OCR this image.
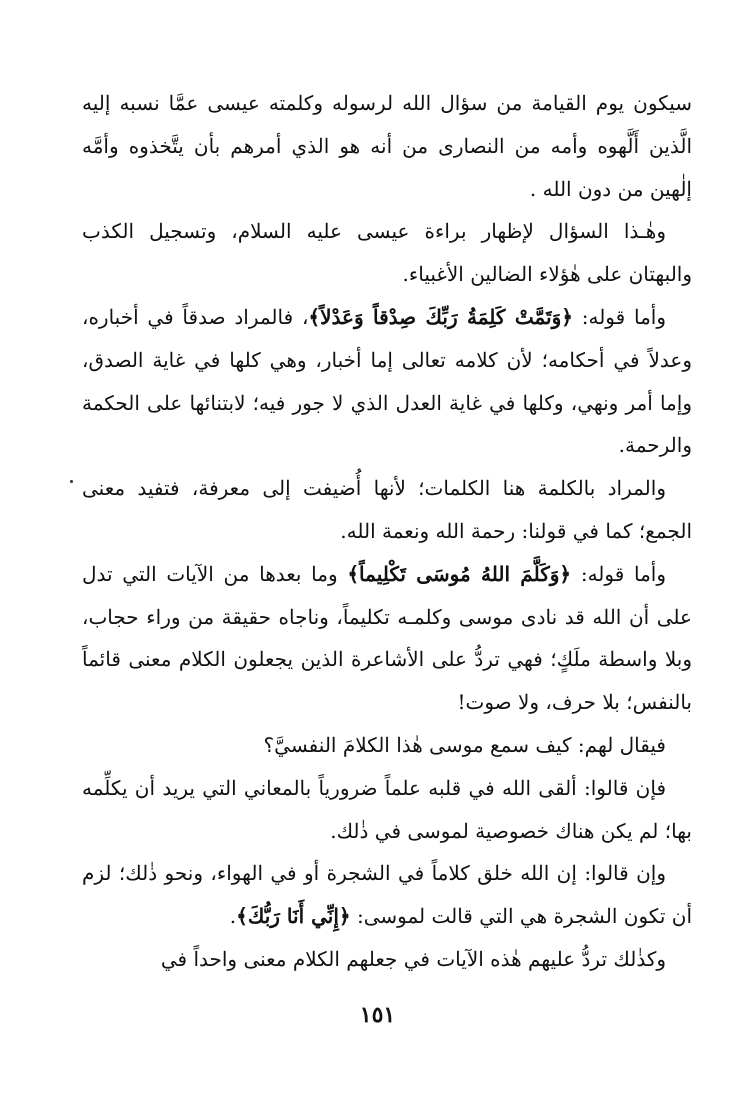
سيكون يوم القيامة من سؤال الله لرسوله وكلمته عيسى عمَّا نسبه إليه الَّذين أَلَّهوه وأمه من النصارى من أنه هو الذي أمرهم بأن يتَّخذوه وأمَّه إلٰهين من دون الله .

وهٰـذا السؤال لإظهار براءة عيسى عليه السلام، وتسجيل الكذب والبهتان على هٰؤلاء الضالين الأغبياء.

وأما قوله: ﴿وَتَمَّتْ كَلِمَةُ رَبِّكَ صِدْقاً وَعَدْلاً﴾، فالمراد صدقاً في أخباره، وعدلاً في أحكامه؛ لأن كلامه تعالى إما أخبار، وهي كلها في غاية الصدق، وإما أمر ونهي، وكلها في غاية العدل الذي لا جور فيه؛ لابتنائها على الحكمة والرحمة.

والمراد بالكلمة هنا الكلمات؛ لأنها أُضيفت إلى معرفة، فتفيد معنى الجمع؛ كما في قولنا: رحمة الله ونعمة الله.

وأما قوله: ﴿وَكَلَّمَ اللهُ مُوسَى تَكْلِيماً﴾ وما بعدها من الآيات التي تدل على أن الله قد نادى موسى وكلمـه تكليماً، وناجاه حقيقة من وراء حجاب، وبلا واسطة ملَكٍ؛ فهي تردُّ على الأشاعرة الذين يجعلون الكلام معنى قائماً بالنفس؛ بلا حرف، ولا صوت!

فيقال لهم: كيف سمع موسى هٰذا الكلامَ النفسيَّ؟

فإن قالوا: ألقى الله في قلبه علماً ضرورياً بالمعاني التي يريد أن يكلِّمه بها؛ لم يكن هناك خصوصية لموسى في ذٰلك.

وإن قالوا: إن الله خلق كلاماً في الشجرة أو في الهواء، ونحو ذٰلك؛ لزم أن تكون الشجرة هي التي قالت لموسى: ﴿إِنِّي أَنَا رَبُّكَ﴾.

وكذٰلك تردُّ عليهم هٰذه الآيات في جعلهم الكلام معنى واحداً في

١٥١
